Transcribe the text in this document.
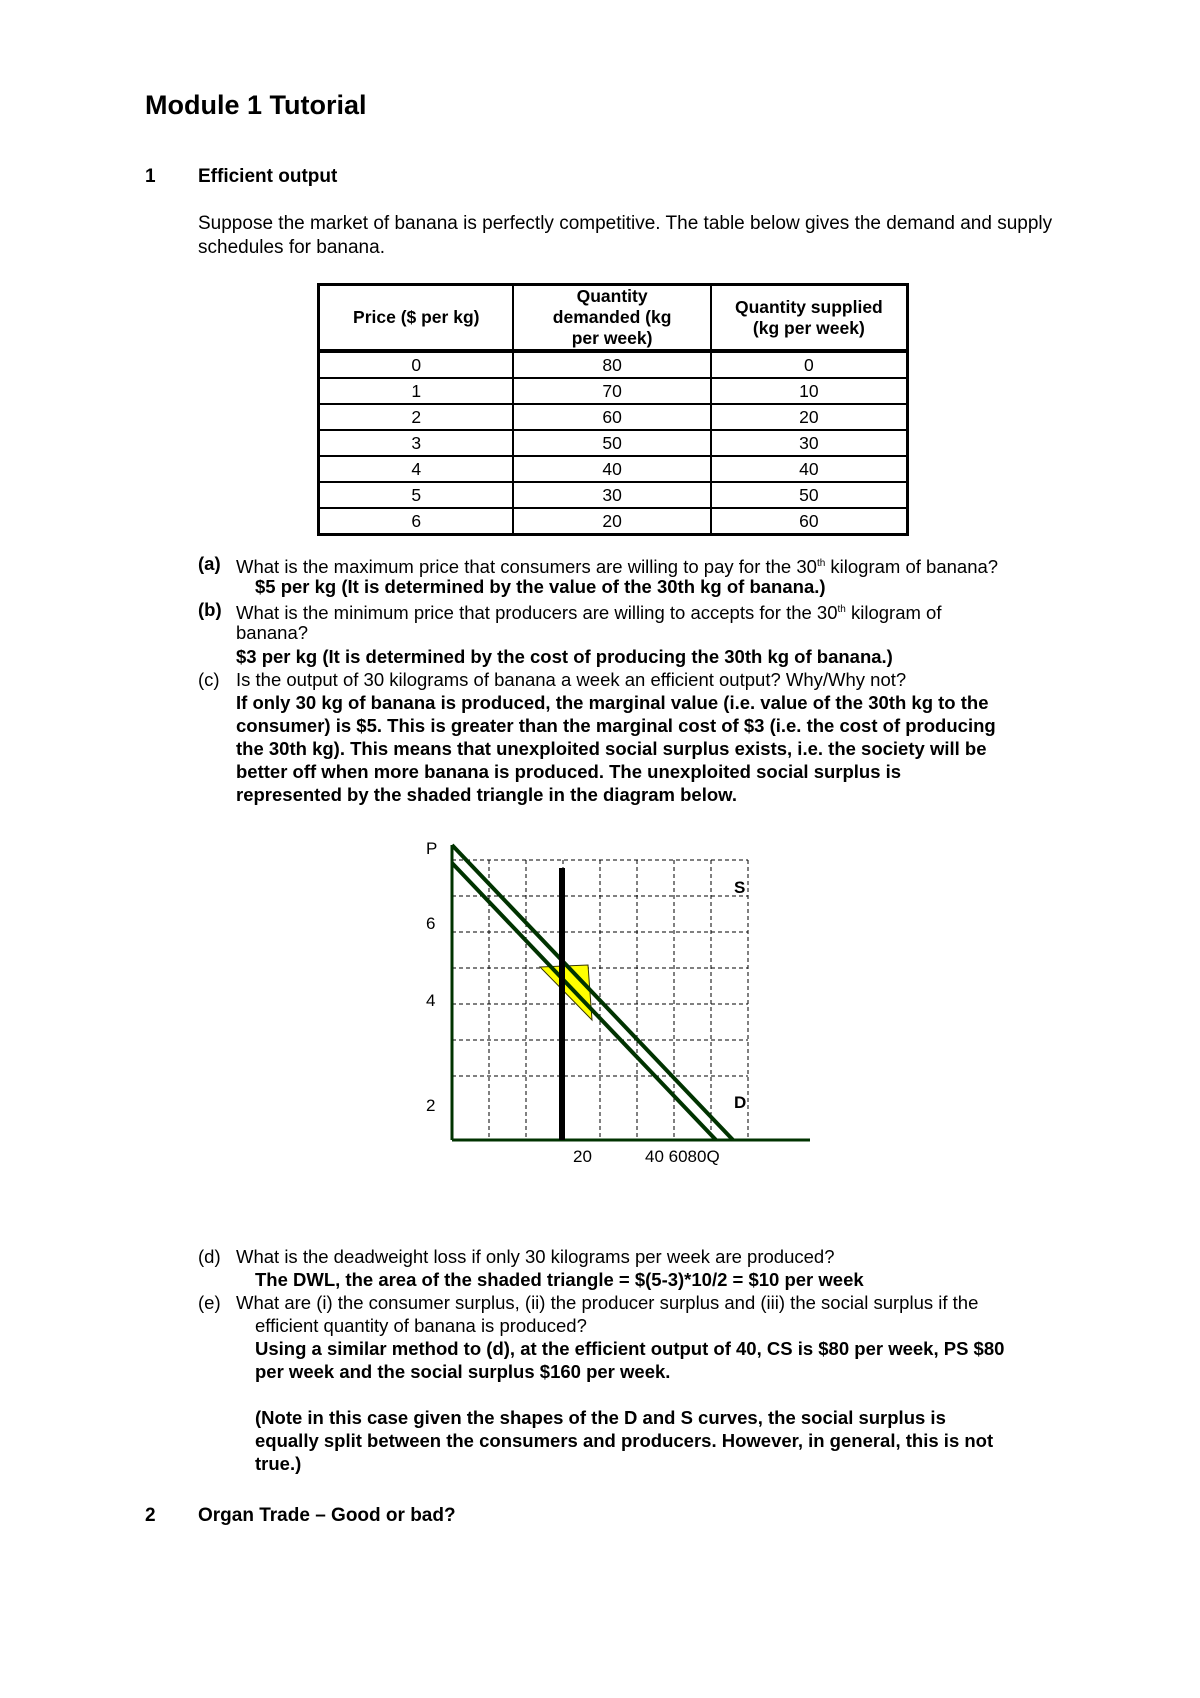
Module 1 Tutorial
1 Efficient output
Suppose the market of banana is perfectly competitive. The table below gives the demand and supply schedules for banana.
Price ($ per kg)	Quantity demanded (kg per week)	Quantity supplied (kg per week)
0	80	0
1	70	10
2	60	20
3	50	30
4	40	40
5	30	50
6	20	60
(a) What is the maximum price that consumers are willing to pay for the 30th kilogram of banana?
$5 per kg (It is determined by the value of the 30th kg of banana.)
(b) What is the minimum price that producers are willing to accepts for the 30th kilogram of
banana?
$3 per kg (It is determined by the cost of producing the 30th kg of banana.)
(c) Is the output of 30 kilograms of banana a week an efficient output? Why/Why not?
If only 30 kg of banana is produced, the marginal value (i.e. value of the 30th kg to the
consumer) is $5. This is greater than the marginal cost of $3 (i.e. the cost of producing
the 30th kg). This means that unexploited social surplus exists, i.e. the society will be
better off when more banana is produced. The unexploited social surplus is
represented by the shaded triangle in the diagram below.
P
6
4
2
S
D
20	40 6080Q
(d) What is the deadweight loss if only 30 kilograms per week are produced?
The DWL, the area of the shaded triangle = $(5-3)*10/2 = $10 per week
(e) What are (i) the consumer surplus, (ii) the producer surplus and (iii) the social surplus if the
efficient quantity of banana is produced?
Using a similar method to (d), at the efficient output of 40, CS is $80 per week, PS $80
per week and the social surplus $160 per week.
(Note in this case given the shapes of the D and S curves, the social surplus is
equally split between the consumers and producers. However, in general, this is not
true.)
2 Organ Trade – Good or bad?
